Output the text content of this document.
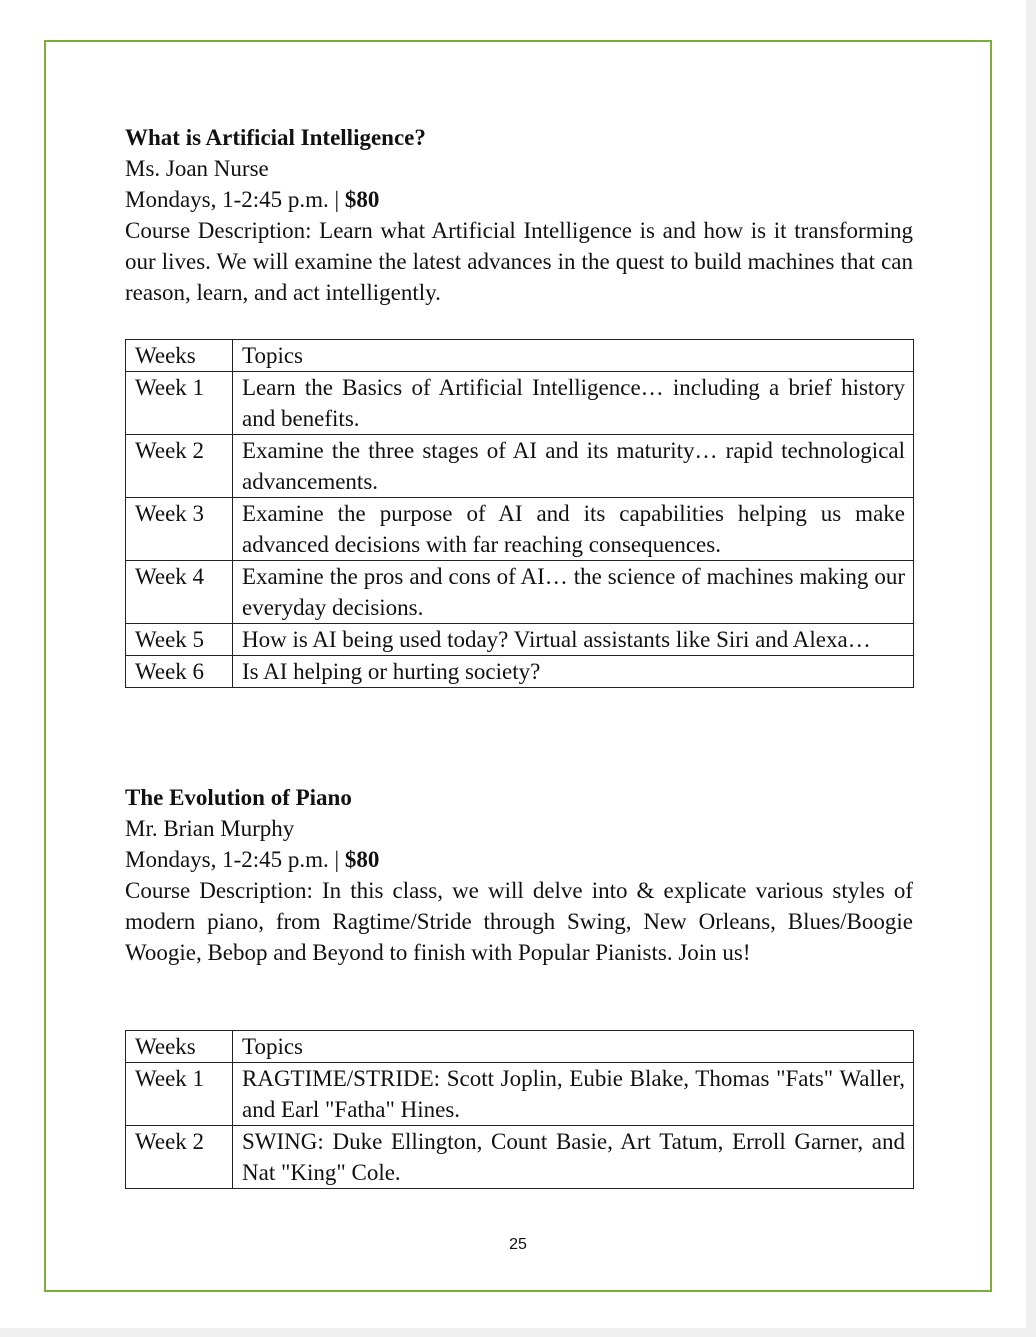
What is Artificial Intelligence?

Ms. Joan Nurse

Mondays, 1-2:45 p.m. | $80

Course Description: Learn what Artificial Intelligence is and how is it transforming our lives. We will examine the latest advances in the quest to build machines that can reason, learn, and act intelligently.

Weeks	Topics
Week 1	Learn the Basics of Artificial Intelligence… including a brief history and benefits.
Week 2	Examine the three stages of AI and its maturity… rapid technological advancements.
Week 3	Examine the purpose of AI and its capabilities helping us make advanced decisions with far reaching consequences.
Week 4	Examine the pros and cons of AI… the science of machines making our everyday decisions.
Week 5	How is AI being used today? Virtual assistants like Siri and Alexa…
Week 6	Is AI helping or hurting society?

The Evolution of Piano

Mr. Brian Murphy

Mondays, 1-2:45 p.m. | $80

Course Description: In this class, we will delve into & explicate various styles of modern piano, from Ragtime/Stride through Swing, New Orleans, Blues/Boogie Woogie, Bebop and Beyond to finish with Popular Pianists. Join us!

Weeks	Topics
Week 1	RAGTIME/STRIDE: Scott Joplin, Eubie Blake, Thomas "Fats" Waller, and Earl "Fatha" Hines.
Week 2	SWING: Duke Ellington, Count Basie, Art Tatum, Erroll Garner, and Nat "King" Cole.
25
